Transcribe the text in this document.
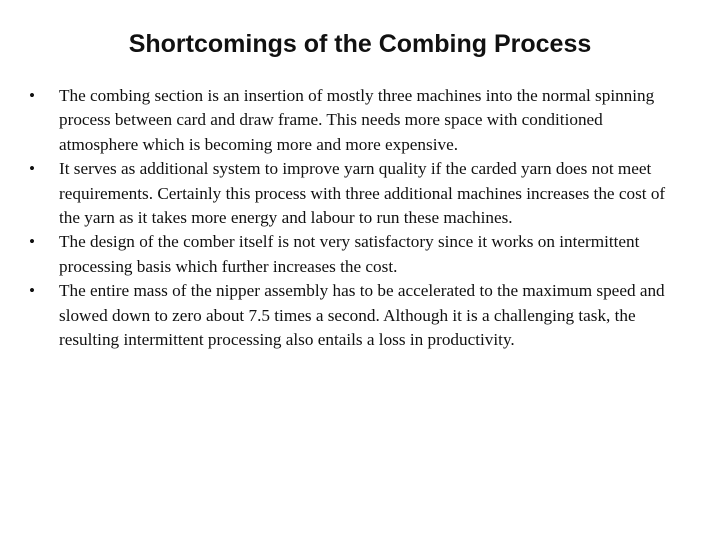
Shortcomings of the Combing Process
•	The combing section is an insertion of mostly three machines into the normal spinning process between card and draw frame. This needs more space with conditioned atmosphere which is becoming more and more expensive.
•	It serves as additional system to improve yarn quality if the carded yarn does not meet requirements. Certainly this process with three additional machines increases the cost of the yarn as it takes more energy and labour to run these machines.
•	The design of the comber itself is not very satisfactory since it works on intermittent processing basis which further increases the cost.
•	The entire mass of the nipper assembly has to be accelerated to the maximum speed and slowed down to zero about 7.5 times a second. Although it is a challenging task, the resulting intermittent processing also entails a loss in productivity.
